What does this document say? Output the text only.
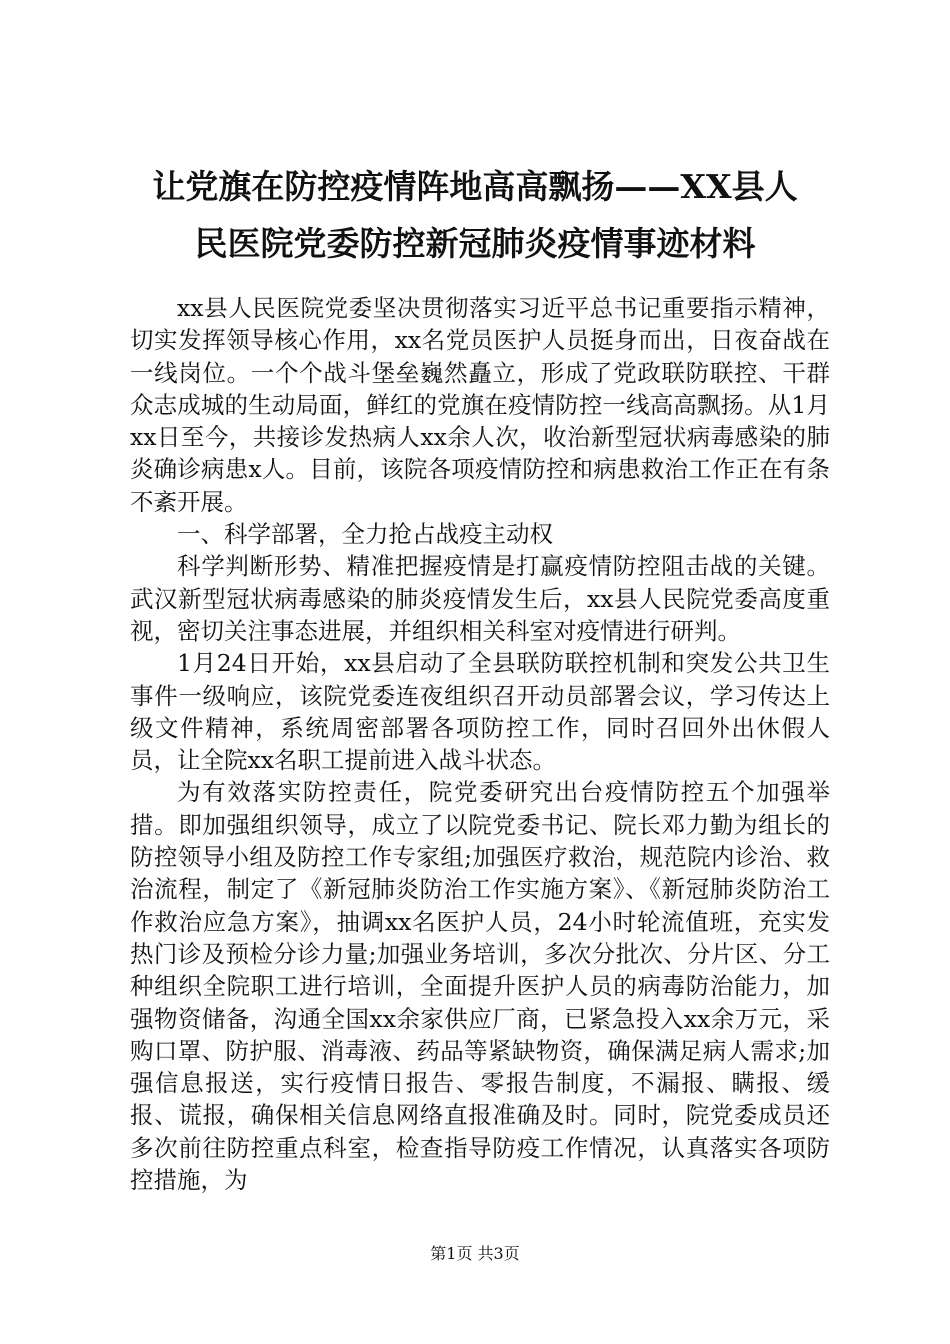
让党旗在防控疫情阵地高高飘扬——XX县人
民医院党委防控新冠肺炎疫情事迹材料

xx县人民医院党委坚决贯彻落实习近平总书记重要指示精神，切实发挥领导核心作用，xx名党员医护人员挺身而出，日夜奋战在一线岗位。一个个战斗堡垒巍然矗立，形成了党政联防联控、干群众志成城的生动局面，鲜红的党旗在疫情防控一线高高飘扬。从1月xx日至今，共接诊发热病人xx余人次，收治新型冠状病毒感染的肺炎确诊病患x人。目前，该院各项疫情防控和病患救治工作正在有条不紊开展。

一、科学部署，全力抢占战疫主动权

科学判断形势、精准把握疫情是打赢疫情防控阻击战的关键。武汉新型冠状病毒感染的肺炎疫情发生后，xx县人民院党委高度重视，密切关注事态进展，并组织相关科室对疫情进行研判。

1月24日开始，xx县启动了全县联防联控机制和突发公共卫生事件一级响应，该院党委连夜组织召开动员部署会议，学习传达上级文件精神，系统周密部署各项防控工作，同时召回外出休假人员，让全院xx名职工提前进入战斗状态。

为有效落实防控责任，院党委研究出台疫情防控五个加强举措。即加强组织领导，成立了以院党委书记、院长邓力勤为组长的防控领导小组及防控工作专家组;加强医疗救治，规范院内诊治、救治流程，制定了《新冠肺炎防治工作实施方案》、《新冠肺炎防治工作救治应急方案》，抽调xx名医护人员，24小时轮流值班，充实发热门诊及预检分诊力量;加强业务培训，多次分批次、分片区、分工种组织全院职工进行培训，全面提升医护人员的病毒防治能力，加强物资储备，沟通全国xx余家供应厂商，已紧急投入xx余万元，采购口罩、防护服、消毒液、药品等紧缺物资，确保满足病人需求;加强信息报送，实行疫情日报告、零报告制度，不漏报、瞒报、缓报、谎报，确保相关信息网络直报准确及时。同时，院党委成员还多次前往防控重点科室，检查指导防疫工作情况，认真落实各项防控措施，为

第1页 共3页
